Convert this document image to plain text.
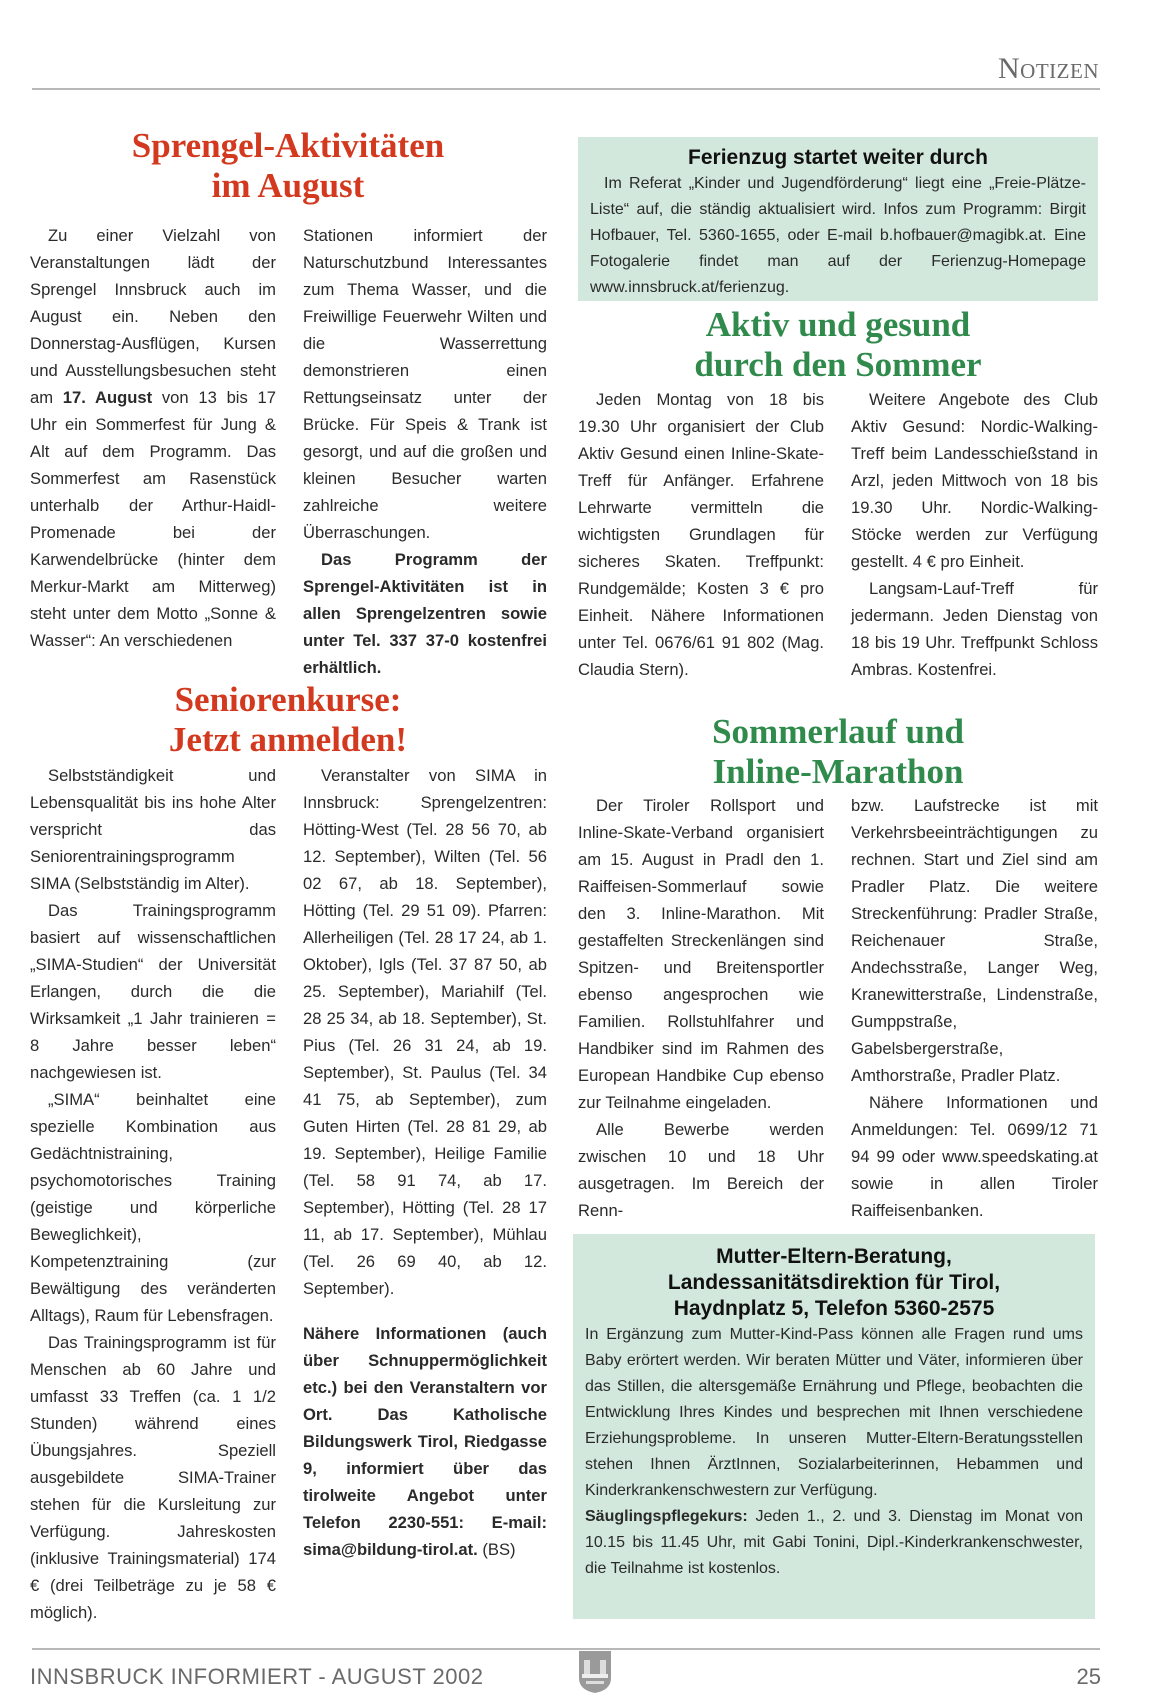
Notizen
Sprengel-Aktivitäten
im August

Zu einer Vielzahl von Veranstaltungen lädt der Sprengel Innsbruck auch im August ein. Neben den Donnerstag-Ausflügen, Kursen und Ausstellungsbesuchen steht am 17. August von 13 bis 17 Uhr ein Sommerfest für Jung & Alt auf dem Programm. Das Sommerfest am Rasenstück unterhalb der Arthur-Haidl-Promenade bei der Karwendelbrücke (hinter dem Merkur-Markt am Mitterweg) steht unter dem Motto „Sonne & Wasser“: An verschiedenen

Stationen informiert der Naturschutzbund Interessantes zum Thema Wasser, und die Freiwillige Feuerwehr Wilten und die Wasserrettung demonstrieren einen Rettungseinsatz unter der Brücke. Für Speis & Trank ist gesorgt, und auf die großen und kleinen Besucher warten zahlreiche weitere Überraschungen.

Das Programm der Sprengel-Aktivitäten ist in allen Sprengelzentren sowie unter Tel. 337 37-0 kostenfrei erhältlich.

Seniorenkurse:
Jetzt anmelden!

Selbstständigkeit und Lebensqualität bis ins hohe Alter verspricht das Seniorentrainingsprogramm SIMA (Selbstständig im Alter).

Das Trainingsprogramm basiert auf wissenschaftlichen „SIMA-Studien“ der Universität Erlangen, durch die die Wirksamkeit „1 Jahr trainieren = 8 Jahre besser leben“ nachgewiesen ist.

„SIMA“ beinhaltet eine spezielle Kombination aus Gedächtnistraining, psychomotorisches Training (geistige und körperliche Beweglichkeit), Kompetenztraining (zur Bewältigung des veränderten Alltags), Raum für Lebensfragen.

Das Trainingsprogramm ist für Menschen ab 60 Jahre und umfasst 33 Treffen (ca. 1 1/2 Stunden) während eines Übungsjahres. Speziell ausgebildete SIMA-Trainer stehen für die Kursleitung zur Verfügung. Jahreskosten (inklusive Trainingsmaterial) 174 € (drei Teilbeträge zu je 58 € möglich).

Veranstalter von SIMA in Innsbruck: Sprengelzentren: Hötting-West (Tel. 28 56 70, ab 12. September), Wilten (Tel. 56 02 67, ab 18. September), Hötting (Tel. 29 51 09). Pfarren: Allerheiligen (Tel. 28 17 24, ab 1. Oktober), Igls (Tel. 37 87 50, ab 25. September), Mariahilf (Tel. 28 25 34, ab 18. September), St. Pius (Tel. 26 31 24, ab 19. September), St. Paulus (Tel. 34 41 75, ab September), zum Guten Hirten (Tel. 28 81 29, ab 19. September), Heilige Familie (Tel. 58 91 74, ab 17. September), Hötting (Tel. 28 17 11, ab 17. September), Mühlau (Tel. 26 69 40, ab 12. September).

Nähere Informationen (auch über Schnuppermöglichkeit etc.) bei den Veranstaltern vor Ort. Das Katholische Bildungswerk Tirol, Riedgasse 9, informiert über das tirolweite Angebot unter Telefon 2230-551: E-mail: sima@bildung-tirol.at. (BS)

Ferienzug startet weiter durch

Im Referat „Kinder und Jugendförderung“ liegt eine „Freie-Plätze-Liste“ auf, die ständig aktualisiert wird. Infos zum Programm: Birgit Hofbauer, Tel. 5360-1655, oder E-mail b.hofbauer@magibk.at. Eine Fotogalerie findet man auf der Ferienzug-Homepage www.innsbruck.at/ferienzug.

Aktiv und gesund
durch den Sommer

Jeden Montag von 18 bis 19.30 Uhr organisiert der Club Aktiv Gesund einen Inline-Skate-Treff für Anfänger. Erfahrene Lehrwarte vermitteln die wichtigsten Grundlagen für sicheres Skaten. Treffpunkt: Rundgemälde; Kosten 3 € pro Einheit. Nähere Informationen unter Tel. 0676/61 91 802 (Mag. Claudia Stern).

Weitere Angebote des Club Aktiv Gesund: Nordic-Walking-Treff beim Landesschießstand in Arzl, jeden Mittwoch von 18 bis 19.30 Uhr. Nordic-Walking-Stöcke werden zur Verfügung gestellt. 4 € pro Einheit.

Langsam-Lauf-Treff für jedermann. Jeden Dienstag von 18 bis 19 Uhr. Treffpunkt Schloss Ambras. Kostenfrei.

Sommerlauf und
Inline-Marathon

Der Tiroler Rollsport und Inline-Skate-Verband organisiert am 15. August in Pradl den 1. Raiffeisen-Sommerlauf sowie den 3. Inline-Marathon. Mit gestaffelten Streckenlängen sind Spitzen- und Breitensportler ebenso angesprochen wie Familien. Rollstuhlfahrer und Handbiker sind im Rahmen des European Handbike Cup ebenso zur Teilnahme eingeladen.

Alle Bewerbe werden zwischen 10 und 18 Uhr ausgetragen. Im Bereich der Renn-

bzw. Laufstrecke ist mit Verkehrsbeeinträchtigungen zu rechnen. Start und Ziel sind am Pradler Platz. Die weitere Streckenführung: Pradler Straße, Reichenauer Straße, Andechsstraße, Langer Weg, Kranewitterstraße, Lindenstraße, Gumppstraße, Gabelsbergerstraße, Amthorstraße, Pradler Platz.

Nähere Informationen und Anmeldungen: Tel. 0699/12 71 94 99 oder www.speedskating.at sowie in allen Tiroler Raiffeisenbanken.

Mutter-Eltern-Beratung,
Landessanitätsdirektion für Tirol,
Haydnplatz 5, Telefon 5360-2575

In Ergänzung zum Mutter-Kind-Pass können alle Fragen rund ums Baby erörtert werden. Wir beraten Mütter und Väter, informieren über das Stillen, die altersgemäße Ernährung und Pflege, beobachten die Entwicklung Ihres Kindes und besprechen mit Ihnen verschiedene Erziehungsprobleme. In unseren Mutter-Eltern-Beratungsstellen stehen Ihnen ÄrztInnen, Sozialarbeiterinnen, Hebammen und Kinderkrankenschwestern zur Verfügung.

Säuglingspflegekurs: Jeden 1., 2. und 3. Dienstag im Monat von 10.15 bis 11.45 Uhr, mit Gabi Tonini, Dipl.-Kinderkrankenschwester, die Teilnahme ist kostenlos.

INNSBRUCK INFORMIERT - AUGUST 2002	25
